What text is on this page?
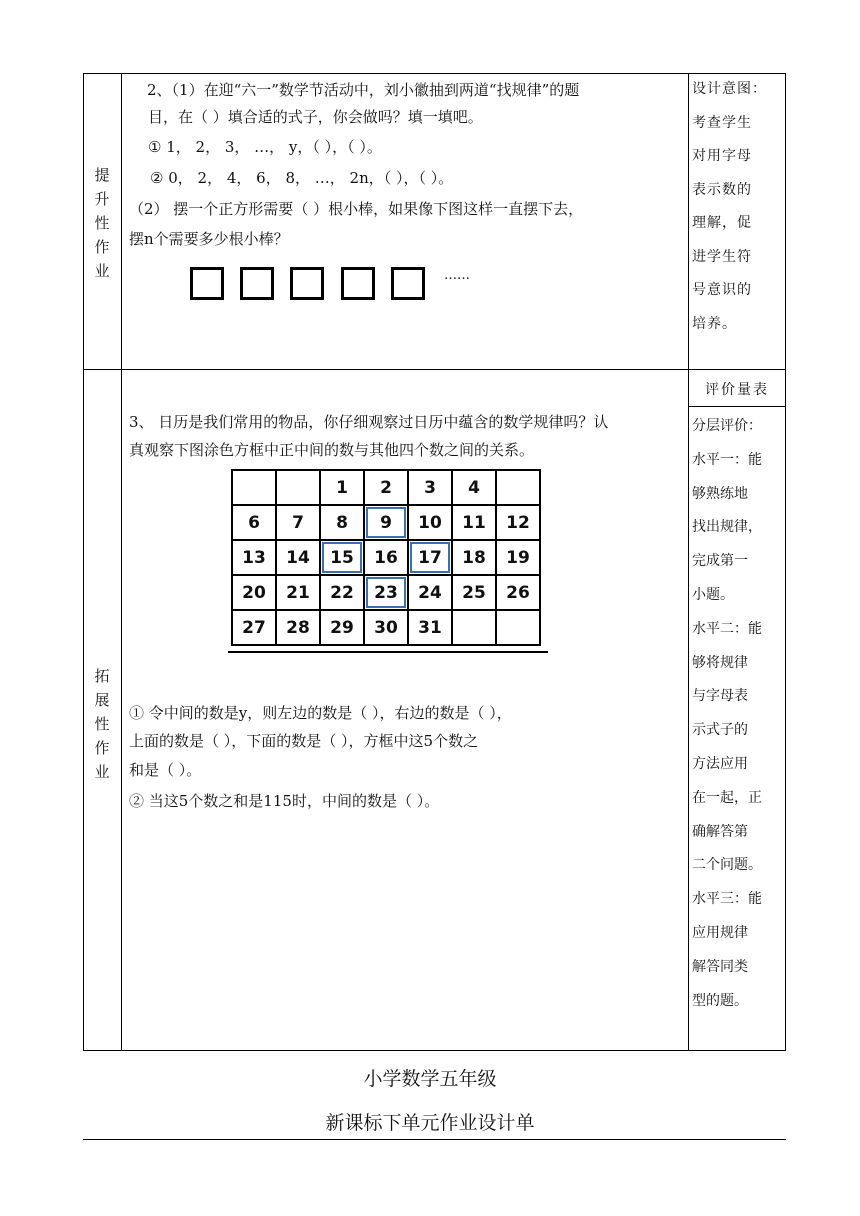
提
升
性
作
业
2、（1）在迎“六一”数学节活动中，刘小徽抽到两道“找规律”的题
目，在（ ）填合适的式子，你会做吗？填一填吧。
① 1， 2， 3， …， y，（ ），（ ）。
② 0， 2， 4， 6， 8， …， 2n，（ ），（ ）。
（2） 摆一个正方形需要（ ）根小棒，如果像下图这样一直摆下去，
摆n个需要多少根小棒？
……
设计意图：
考查学生
对用字母
表示数的
理解，促
进学生符
号意识的
培养。
拓
展
性
作
业
3、 日历是我们常用的物品，你仔细观察过日历中蕴含的数学规律吗？认
真观察下图涂色方框中正中间的数与其他四个数之间的关系。
		1	2	3	4	
6	7	8	9	10	11	12
13	14	15	16	17	18	19
20	21	22	23	24	25	26
27	28	29	30	31		
① 令中间的数是y，则左边的数是（ ），右边的数是（ ），
上面的数是（ ），下面的数是（ ），方框中这5个数之
和是（ ）。
② 当这5个数之和是115时，中间的数是（ ）。
评价量表
分层评价：
水平一：能
够熟练地
找出规律，
完成第一
小题。
水平二：能
够将规律
与字母表
示式子的
方法应用
在一起，正
确解答第
二个问题。
水平三：能
应用规律
解答同类
型的题。
小学数学五年级
新课标下单元作业设计单
